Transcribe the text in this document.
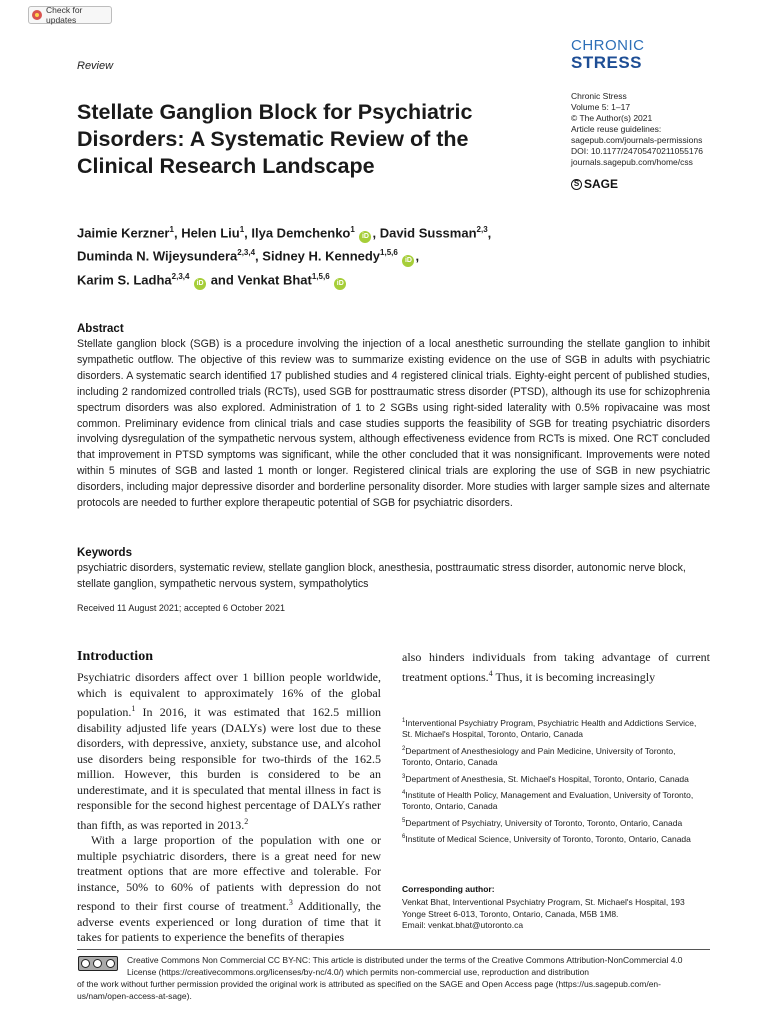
Check for updates
Review
CHRONIC
STRESS
Chronic Stress
Volume 5: 1–17
© The Author(s) 2021
Article reuse guidelines:
sagepub.com/journals-permissions
DOI: 10.1177/24705470211055176
journals.sagepub.com/home/css
S SAGE
Stellate Ganglion Block for Psychiatric Disorders: A Systematic Review of the Clinical Research Landscape
Jaimie Kerzner$^1$, Helen Liu$^1$, Ilya Demchenko$^1$ iD , David Sussman$^{2,3}$,
Duminda N. Wijeysundera$^{2,3,4}$, Sidney H. Kennedy$^{1,5,6}$ iD ,
Karim S. Ladha$^{2,3,4}$ iD and Venkat Bhat$^{1,5,6}$ iD
Abstract
Stellate ganglion block (SGB) is a procedure involving the injection of a local anesthetic surrounding the stellate ganglion to inhibit sympathetic outflow. The objective of this review was to summarize existing evidence on the use of SGB in adults with psychiatric disorders. A systematic search identified 17 published studies and 4 registered clinical trials. Eighty-eight percent of published studies, including 2 randomized controlled trials (RCTs), used SGB for posttraumatic stress disorder (PTSD), although its use for schizophrenia spectrum disorders was also explored. Administration of 1 to 2 SGBs using right-sided laterality with 0.5% ropivacaine was most common. Preliminary evidence from clinical trials and case studies supports the feasibility of SGB for treating psychiatric disorders involving dysregulation of the sympathetic nervous system, although effectiveness evidence from RCTs is mixed. One RCT concluded that improvement in PTSD symptoms was significant, while the other concluded that it was nonsignificant. Improvements were noted within 5 minutes of SGB and lasted 1 month or longer. Registered clinical trials are exploring the use of SGB in new psychiatric disorders, including major depressive disorder and borderline personality disorder. More studies with larger sample sizes and alternate protocols are needed to further explore therapeutic potential of SGB for psychiatric disorders.
Keywords
psychiatric disorders, systematic review, stellate ganglion block, anesthesia, posttraumatic stress disorder, autonomic nerve block, stellate ganglion, sympathetic nervous system, sympatholytics
Received 11 August 2021; accepted 6 October 2021
Introduction

Psychiatric disorders affect over 1 billion people worldwide, which is equivalent to approximately 16% of the global population.$^1$ In 2016, it was estimated that 162.5 million disability adjusted life years (DALYs) were lost due to these disorders, with depressive, anxiety, substance use, and alcohol use disorders being responsible for two-thirds of the 162.5 million. However, this burden is considered to be an underestimate, and it is speculated that mental illness in fact is responsible for the second highest percentage of DALYs rather than fifth, as was reported in 2013.$^2$

With a large proportion of the population with one or multiple psychiatric disorders, there is a great need for new treatment options that are more effective and tolerable. For instance, 50% to 60% of patients with depression do not respond to their first course of treatment.$^3$ Additionally, the adverse events experienced or long duration of time that it takes for patients to experience the benefits of therapies

also hinders individuals from taking advantage of current treatment options.$^4$ Thus, it is becoming increasingly
$^1$Interventional Psychiatry Program, Psychiatric Health and Addictions Service, St. Michael's Hospital, Toronto, Ontario, Canada
$^2$Department of Anesthesiology and Pain Medicine, University of Toronto, Toronto, Ontario, Canada
$^3$Department of Anesthesia, St. Michael's Hospital, Toronto, Ontario, Canada
$^4$Institute of Health Policy, Management and Evaluation, University of Toronto, Toronto, Ontario, Canada
$^5$Department of Psychiatry, University of Toronto, Toronto, Ontario, Canada
$^6$Institute of Medical Science, University of Toronto, Toronto, Ontario, Canada
Corresponding author:
Venkat Bhat, Interventional Psychiatry Program, St. Michael's Hospital, 193 Yonge Street 6-013, Toronto, Ontario, Canada, M5B 1M8.
Email: venkat.bhat@utoronto.ca
Creative Commons Non Commercial CC BY-NC: This article is distributed under the terms of the Creative Commons Attribution-NonCommercial 4.0 License (https://creativecommons.org/licenses/by-nc/4.0/) which permits non-commercial use, reproduction and distribution
of the work without further permission provided the original work is attributed as specified on the SAGE and Open Access page (https://us.sagepub.com/en-us/nam/open-access-at-sage).
